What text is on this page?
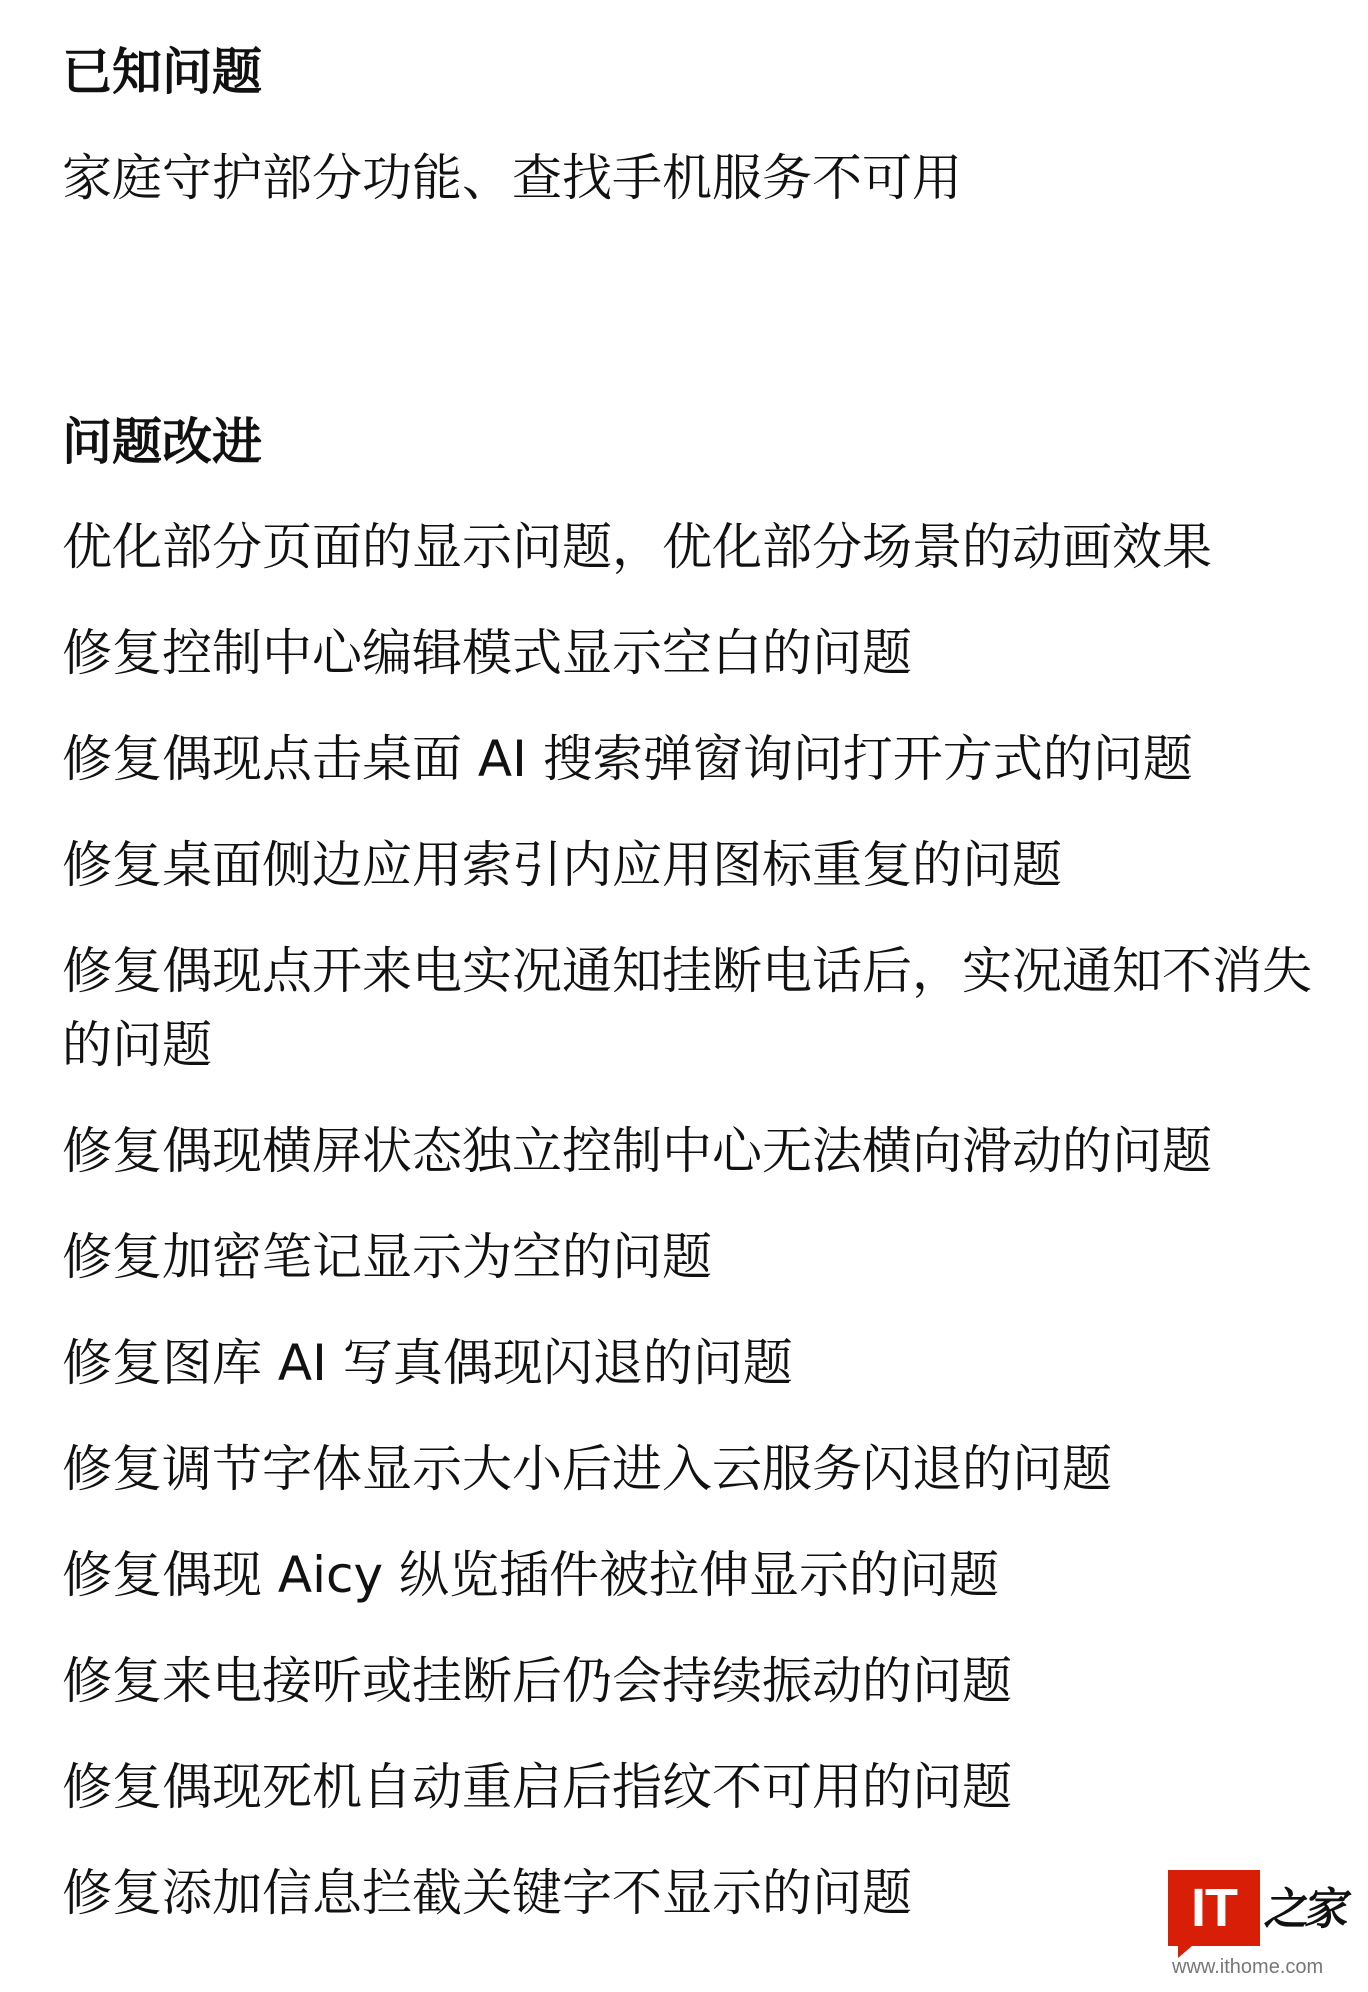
已知问题
家庭守护部分功能、查找手机服务不可用
问题改进
优化部分页面的显示问题，优化部分场景的动画效果
修复控制中心编辑模式显示空白的问题
修复偶现点击桌面 AI 搜索弹窗询问打开方式的问题
修复桌面侧边应用索引内应用图标重复的问题
修复偶现点开来电实况通知挂断电话后，实况通知不消失的问题
修复偶现横屏状态独立控制中心无法横向滑动的问题
修复加密笔记显示为空的问题
修复图库 AI 写真偶现闪退的问题
修复调节字体显示大小后进入云服务闪退的问题
修复偶现 Aicy 纵览插件被拉伸显示的问题
修复来电接听或挂断后仍会持续振动的问题
修复偶现死机自动重启后指纹不可用的问题
修复添加信息拦截关键字不显示的问题	IT 之家
www.ithome.com
